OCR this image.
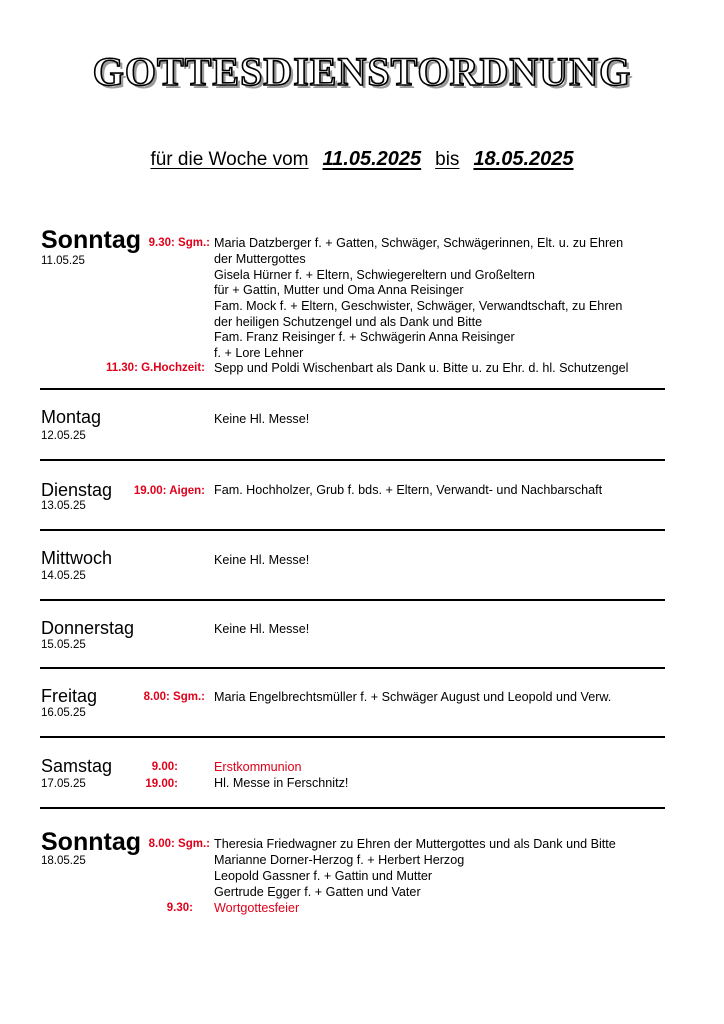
GOTTESDIENSTORDNUNG
für die Woche vom 11.05.2025 bis 18.05.2025
Sonntag
11.05.25
9.30: Sgm.: Maria Datzberger f. + Gatten, Schwäger, Schwägerinnen, Elt. u. zu Ehren
der Muttergottes
Gisela Hürner f. + Eltern, Schwiegereltern und Großeltern
für + Gattin, Mutter und Oma Anna Reisinger
Fam. Mock f. + Eltern, Geschwister, Schwäger, Verwandtschaft, zu Ehren
der heiligen Schutzengel und als Dank und Bitte
Fam. Franz Reisinger f. + Schwägerin Anna Reisinger
f. + Lore Lehner
11.30: G.Hochzeit: Sepp und Poldi Wischenbart als Dank u. Bitte u. zu Ehr. d. hl. Schutzengel
Montag
12.05.25
Keine Hl. Messe!
Dienstag
13.05.25
19.00: Aigen: Fam. Hochholzer, Grub f. bds. + Eltern, Verwandt- und Nachbarschaft
Mittwoch
14.05.25
Keine Hl. Messe!
Donnerstag
15.05.25
Keine Hl. Messe!
Freitag
16.05.25
8.00: Sgm.: Maria Engelbrechtsmüller f. + Schwäger August und Leopold und Verw.
Samstag
17.05.25
9.00:	Erstkommunion
19.00:	Hl. Messe in Ferschnitz!
Sonntag
18.05.25
8.00: Sgm.: Theresia Friedwagner zu Ehren der Muttergottes und als Dank und Bitte
Marianne Dorner-Herzog f. + Herbert Herzog
Leopold Gassner f. + Gattin und Mutter
Gertrude Egger f. + Gatten und Vater
9.30: Wortgottesfeier
